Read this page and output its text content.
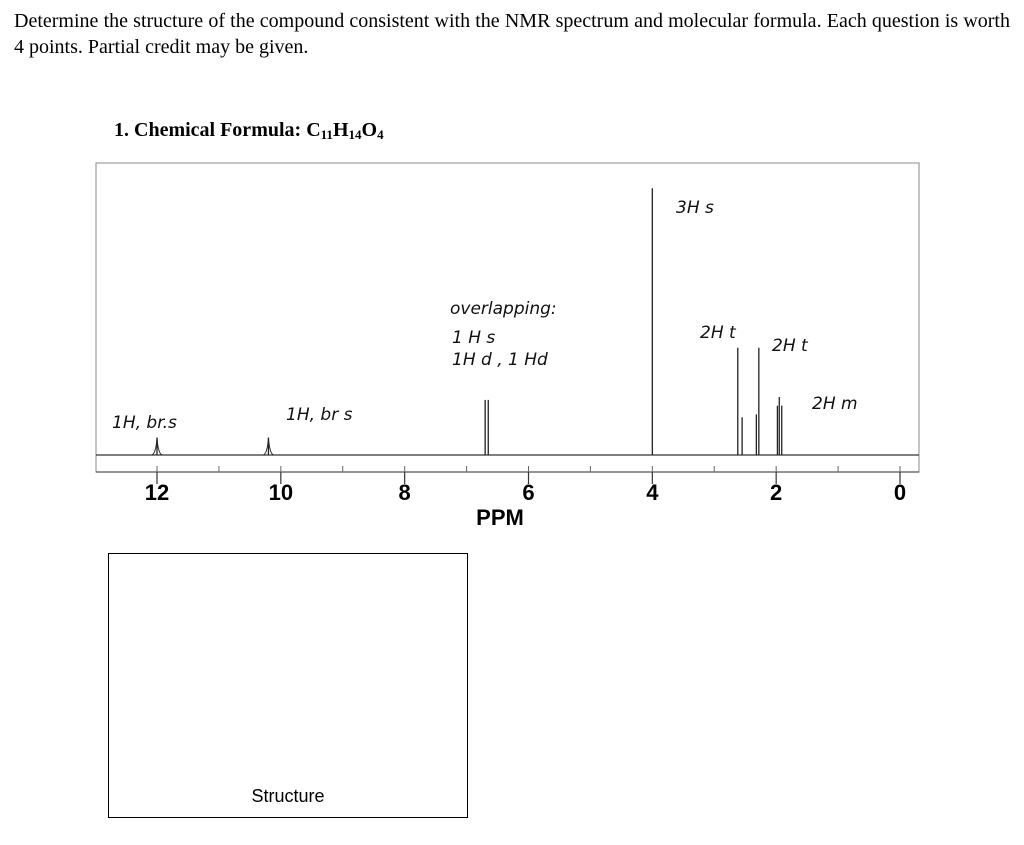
Determine the structure of the compound consistent with the NMR spectrum and molecular formula. Each question is worth 4 points. Partial credit may be given.

1. Chemical Formula: $C_{11}H_{14}O_4$

12	10	8	6	4	2	0
PPM
1H, br.s	1H, br s
overlapping:
1 H s
1H d , 1 Hd
3H s
2H t
2H t
2H m
Structure
